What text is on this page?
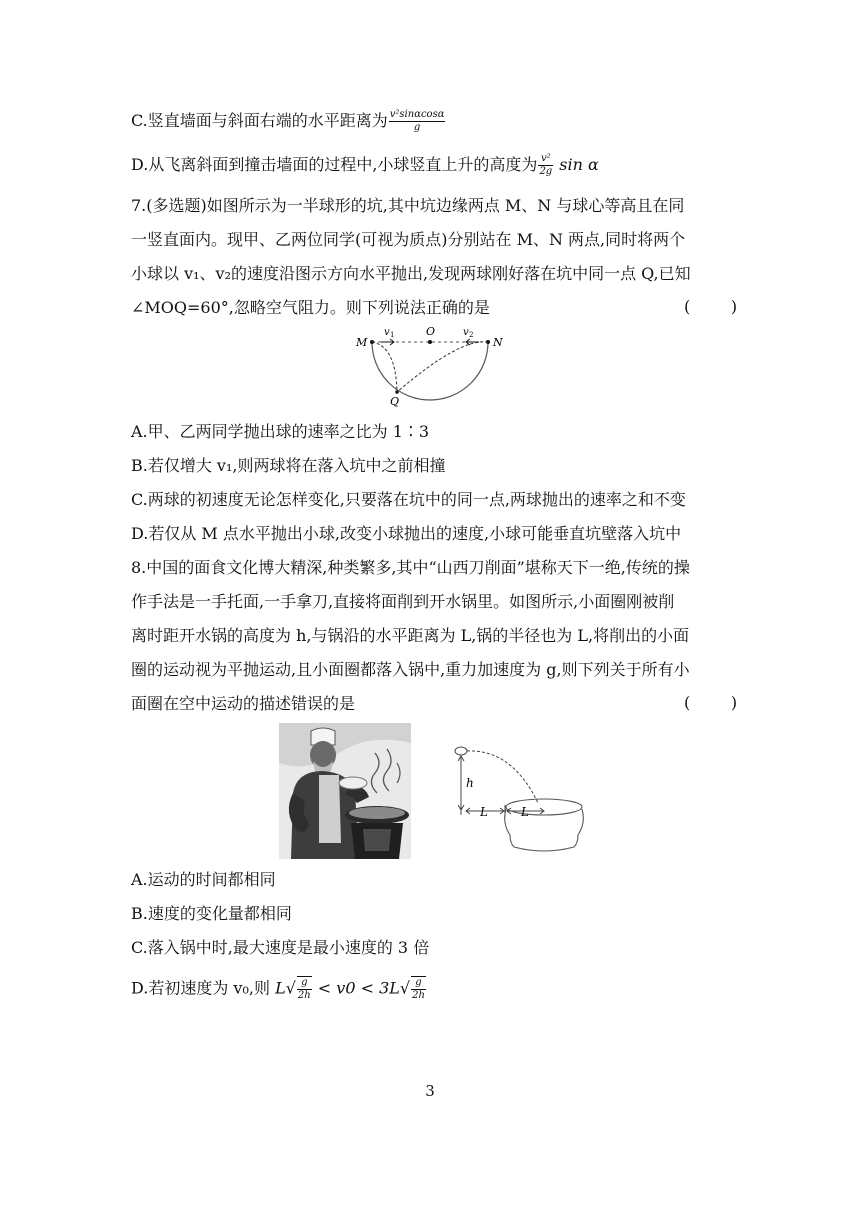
C.竖直墙面与斜面右端的水平距离为 $\frac{\text{v²sinαcosα}}{g}$
D.从飞离斜面到撞击墙面的过程中,小球竖直上升的高度为 $\frac{\text{v²}}{2g}$ sin α
7.(多选题)如图所示为一半球形的坑,其中坑边缘两点 M、N 与球心等高且在同
一竖直面内。现甲、乙两位同学(可视为质点)分别站在 M、N 两点,同时将两个
小球以 v₁、v₂的速度沿图示方向水平抛出,发现两球刚好落在坑中同一点 Q,已知
∠MOQ=60°,忽略空气阻力。则下列说法正确的是	(        )
M	N
O
Q
v 1	v 2
A.甲、乙两同学抛出球的速率之比为 1∶3
B.若仅增大 v₁,则两球将在落入坑中之前相撞
C.两球的初速度无论怎样变化,只要落在坑中的同一点,两球抛出的速率之和不变
D.若仅从 M 点水平抛出小球,改变小球抛出的速度,小球可能垂直坑壁落入坑中
8.中国的面食文化博大精深,种类繁多,其中“山西刀削面”堪称天下一绝,传统的操
作手法是一手托面,一手拿刀,直接将面削到开水锅里。如图所示,小面圈刚被削
离时距开水锅的高度为 h,与锅沿的水平距离为 L,锅的半径也为 L,将削出的小面
圈的运动视为平抛运动,且小面圈都落入锅中,重力加速度为 g,则下列关于所有小
面圈在空中运动的描述错误的是	(        )
h
L	L
A.运动的时间都相同
B.速度的变化量都相同
C.落入锅中时,最大速度是最小速度的 3 倍
D.若初速度为 v₀,则 $L√ \frac{g}{2h} < v0 < 3L√ \frac{g}{2h}$
3
